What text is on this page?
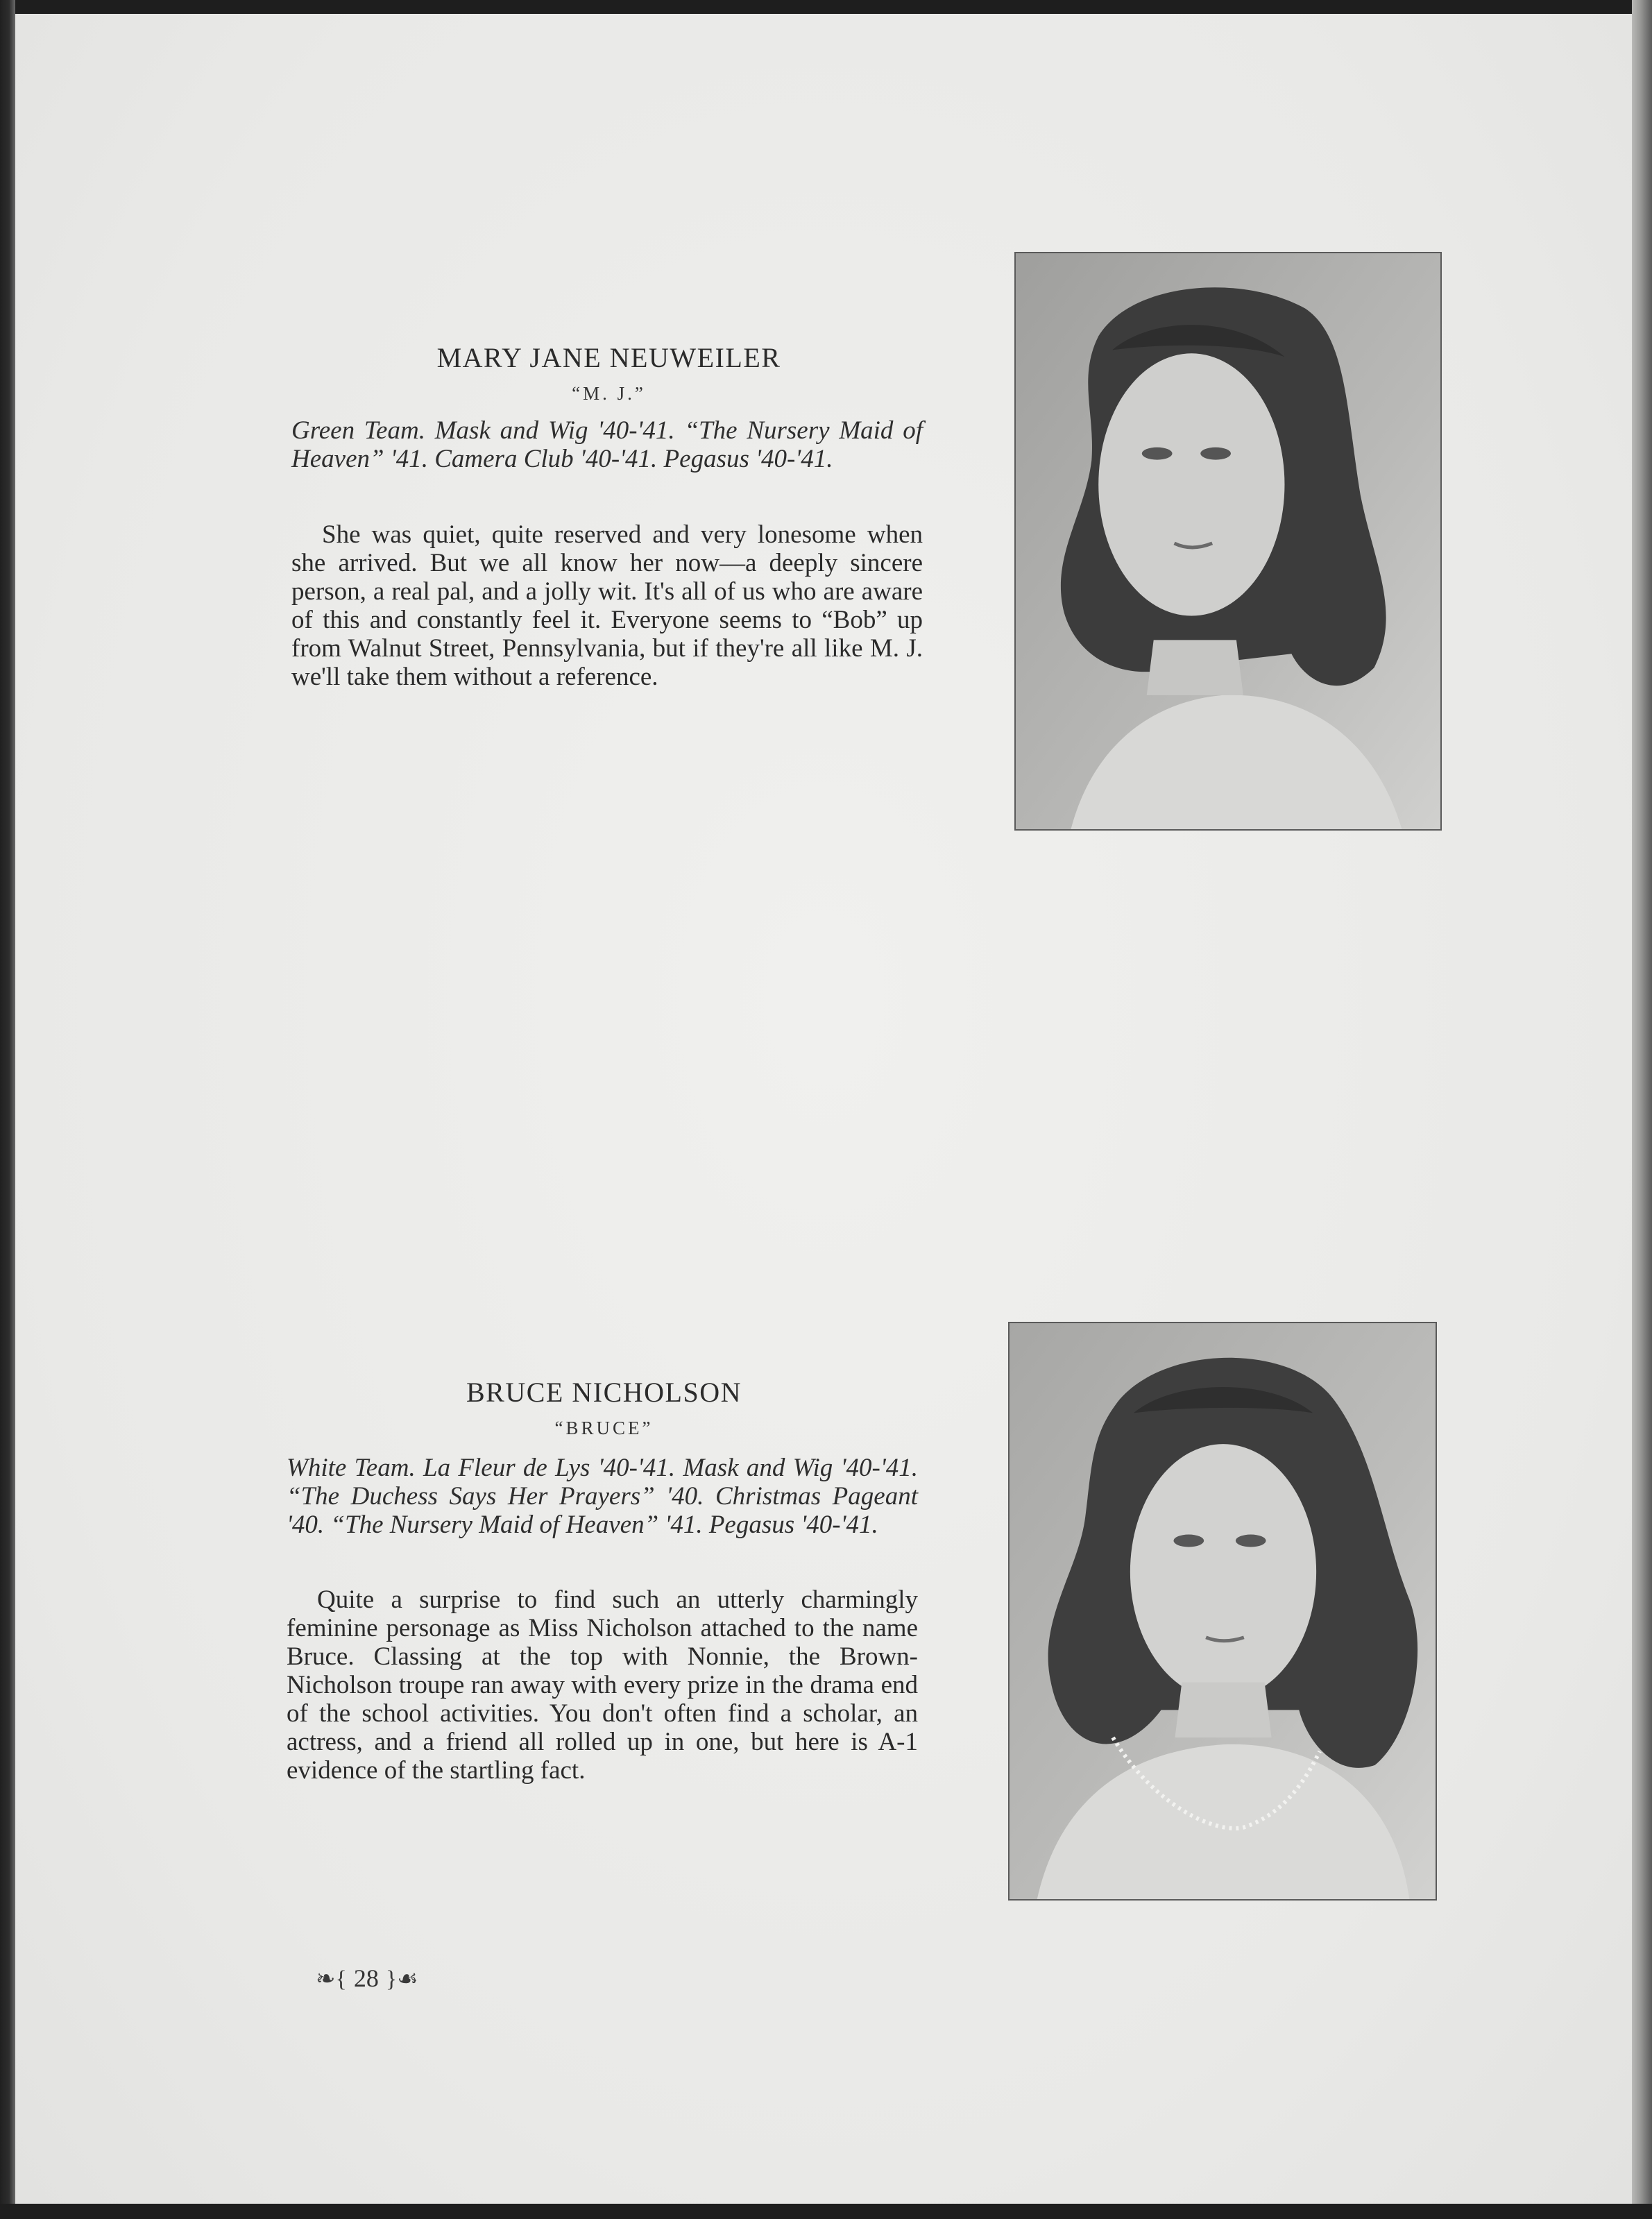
MARY JANE NEUWEILER
“M. J.”
Green Team. Mask and Wig '40-'41. “The Nursery Maid of Heaven” '41. Camera Club '40-'41. Pegasus '40-'41.
She was quiet, quite reserved and very lonesome when she arrived. But we all know her now—a deeply sincere person, a real pal, and a jolly wit. It's all of us who are aware of this and constantly feel it. Everyone seems to “Bob” up from Walnut Street, Pennsylvania, but if they're all like M. J. we'll take them without a reference.
BRUCE NICHOLSON
“BRUCE”
White Team. La Fleur de Lys '40-'41. Mask and Wig '40-'41. “The Duchess Says Her Prayers” '40. Christmas Pageant '40. “The Nursery Maid of Heaven” '41. Pegasus '40-'41.
Quite a surprise to find such an utterly charmingly feminine personage as Miss Nicholson attached to the name Bruce. Classing at the top with Nonnie, the Brown-Nicholson troupe ran away with every prize in the drama end of the school activities. You don't often find a scholar, an actress, and a friend all rolled up in one, but here is A-1 evidence of the startling fact.
❧{ 28 }☙
